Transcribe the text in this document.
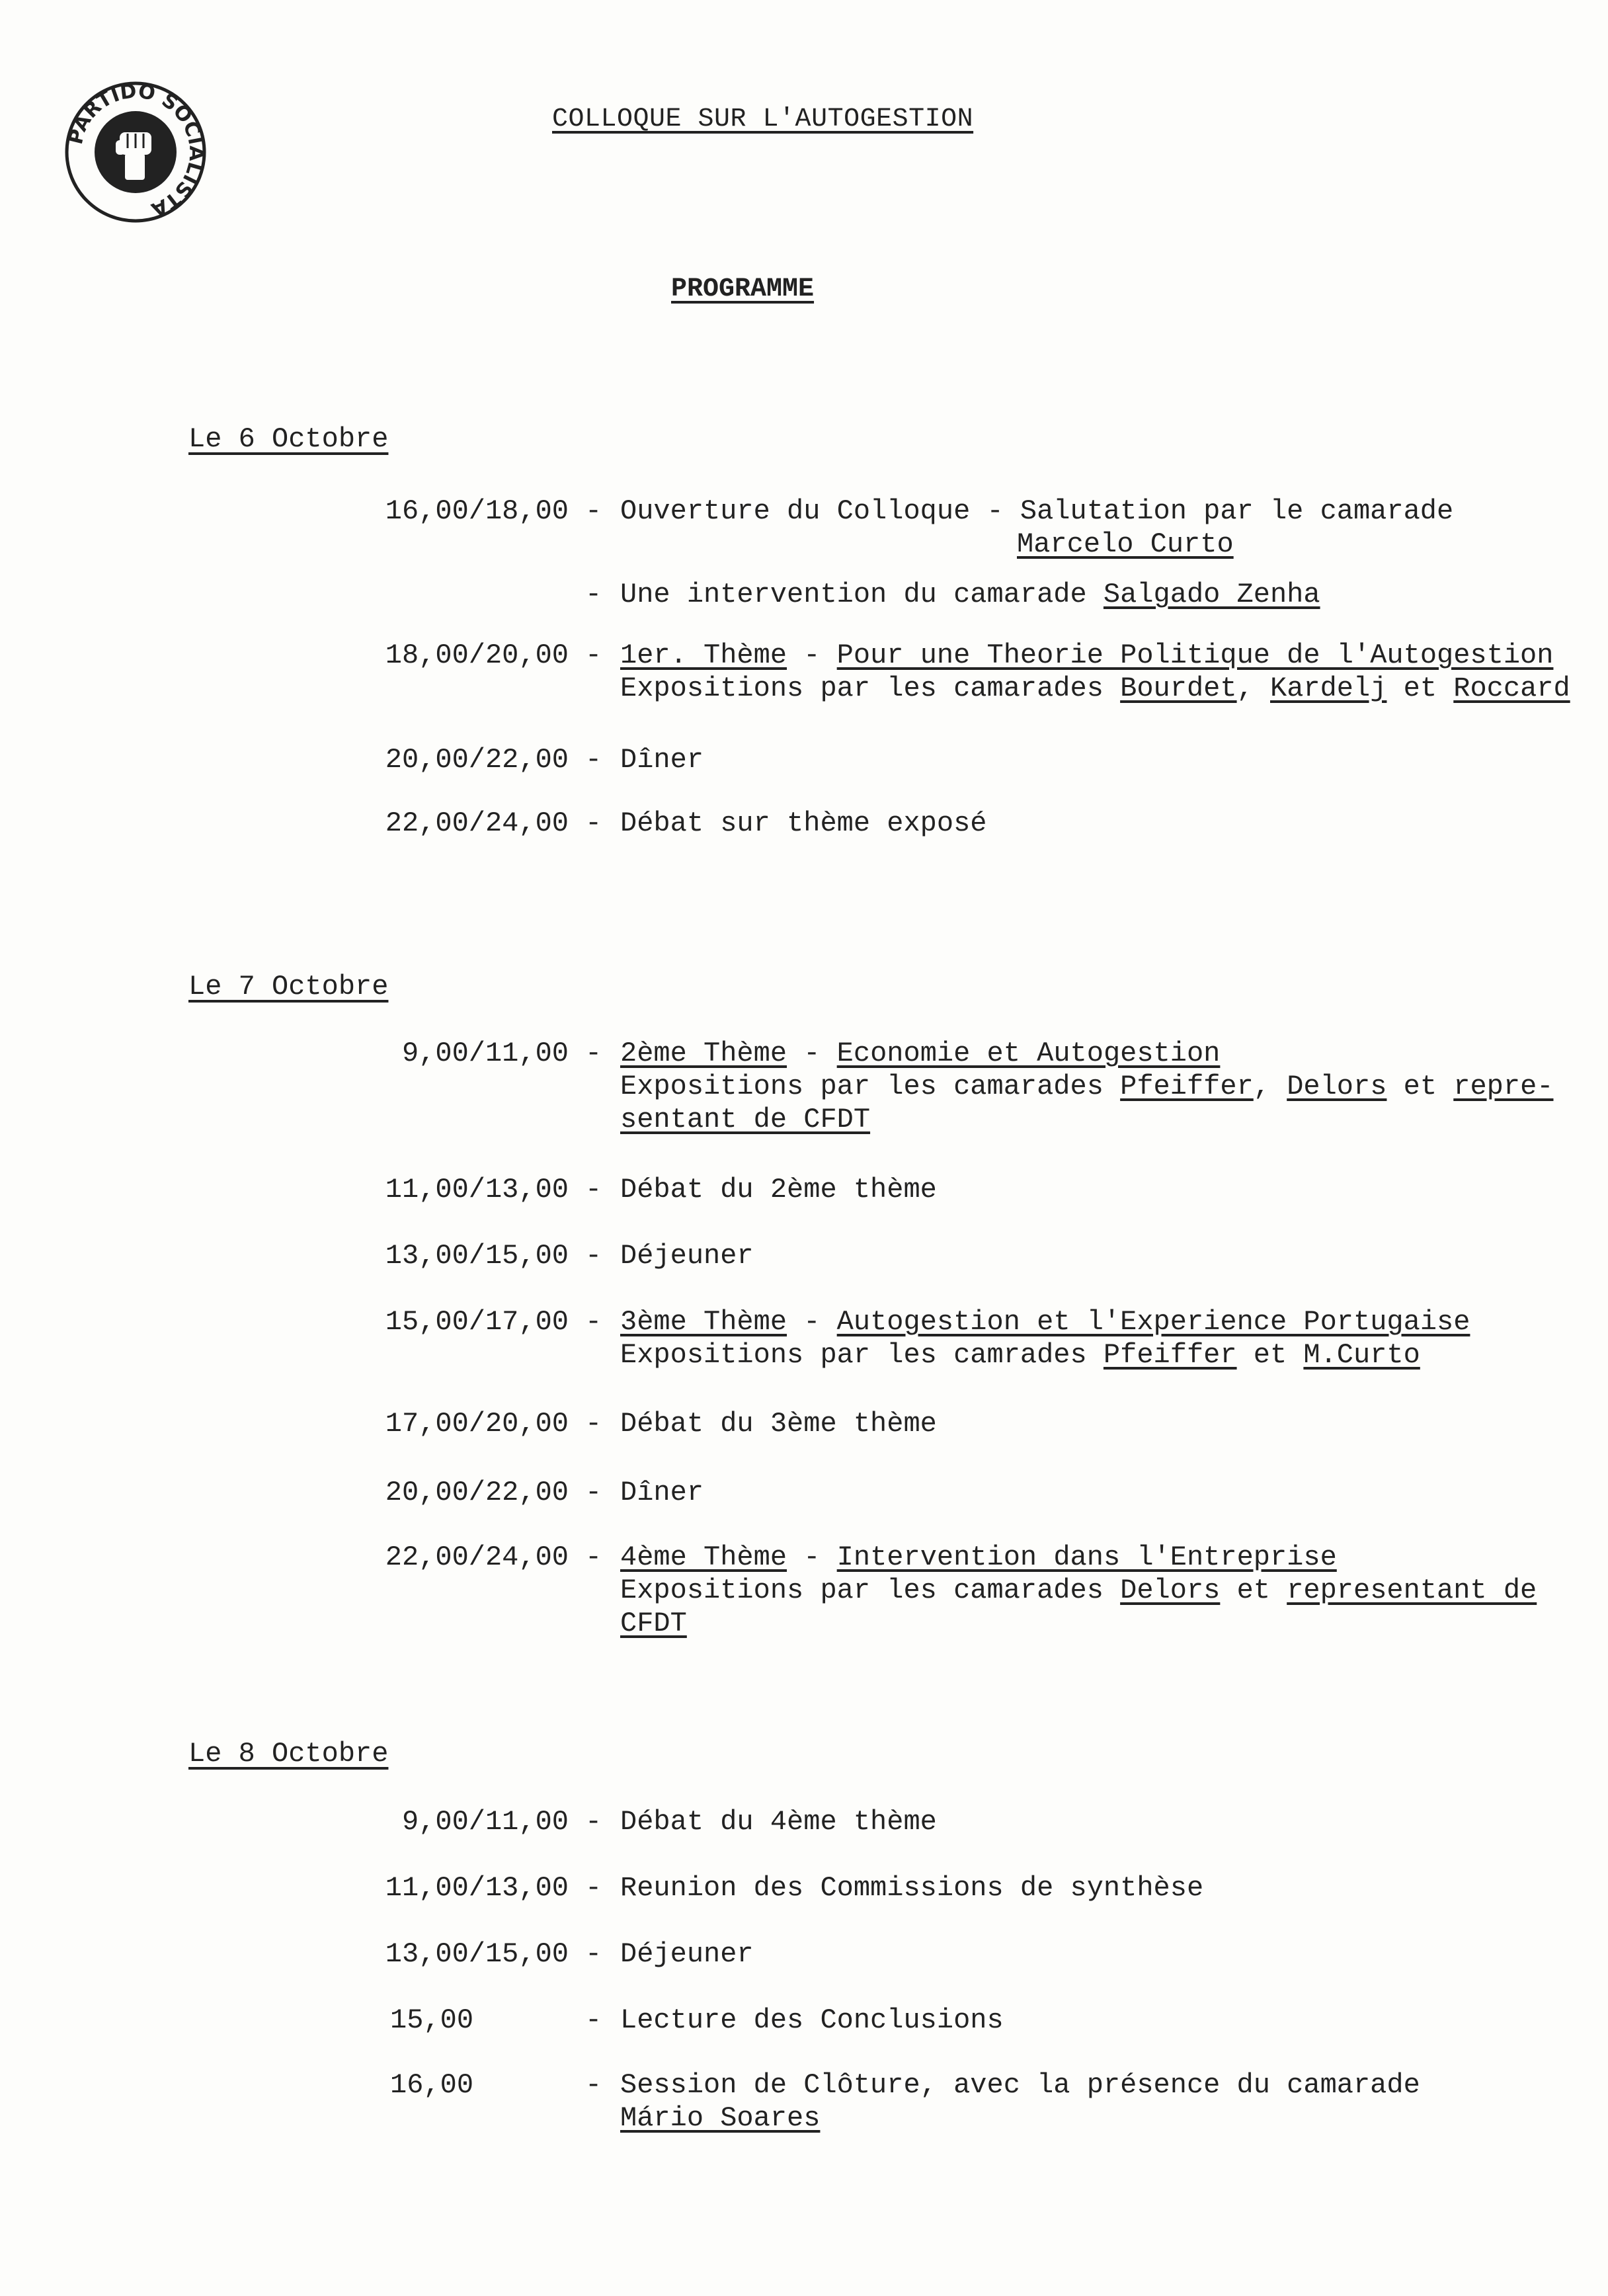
PARTIDO SOCIALISTA
COLLOQUE SUR L'AUTOGESTION
PROGRAMME
Le 6 Octobre
16,00/18,00 - Ouverture du Colloque - Salutation par le camarade
Marcelo Curto
- Une intervention du camarade Salgado Zenha
18,00/20,00 - 1er. Thème - Pour une Theorie Politique de l'Autogestion
Expositions par les camarades Bourdet, Kardelj et Roccard
20,00/22,00 - Dîner
22,00/24,00 - Débat sur thème exposé
Le 7 Octobre
9,00/11,00 - 2ème Thème - Economie et Autogestion
Expositions par les camarades Pfeiffer, Delors et repre-
sentant de CFDT
11,00/13,00 - Débat du 2ème thème
13,00/15,00 - Déjeuner
15,00/17,00 - 3ème Thème - Autogestion et l'Experience Portugaise
Expositions par les camrades Pfeiffer et M.Curto
17,00/20,00 - Débat du 3ème thème
20,00/22,00 - Dîner
22,00/24,00 - 4ème Thème - Intervention dans l'Entreprise
Expositions par les camarades Delors et representant de
CFDT
Le 8 Octobre
9,00/11,00 - Débat du 4ème thème
11,00/13,00 - Reunion des Commissions de synthèse
13,00/15,00 - Déjeuner
15,00	- Lecture des Conclusions
16,00	- Session de Clôture, avec la présence du camarade
Mário Soares
